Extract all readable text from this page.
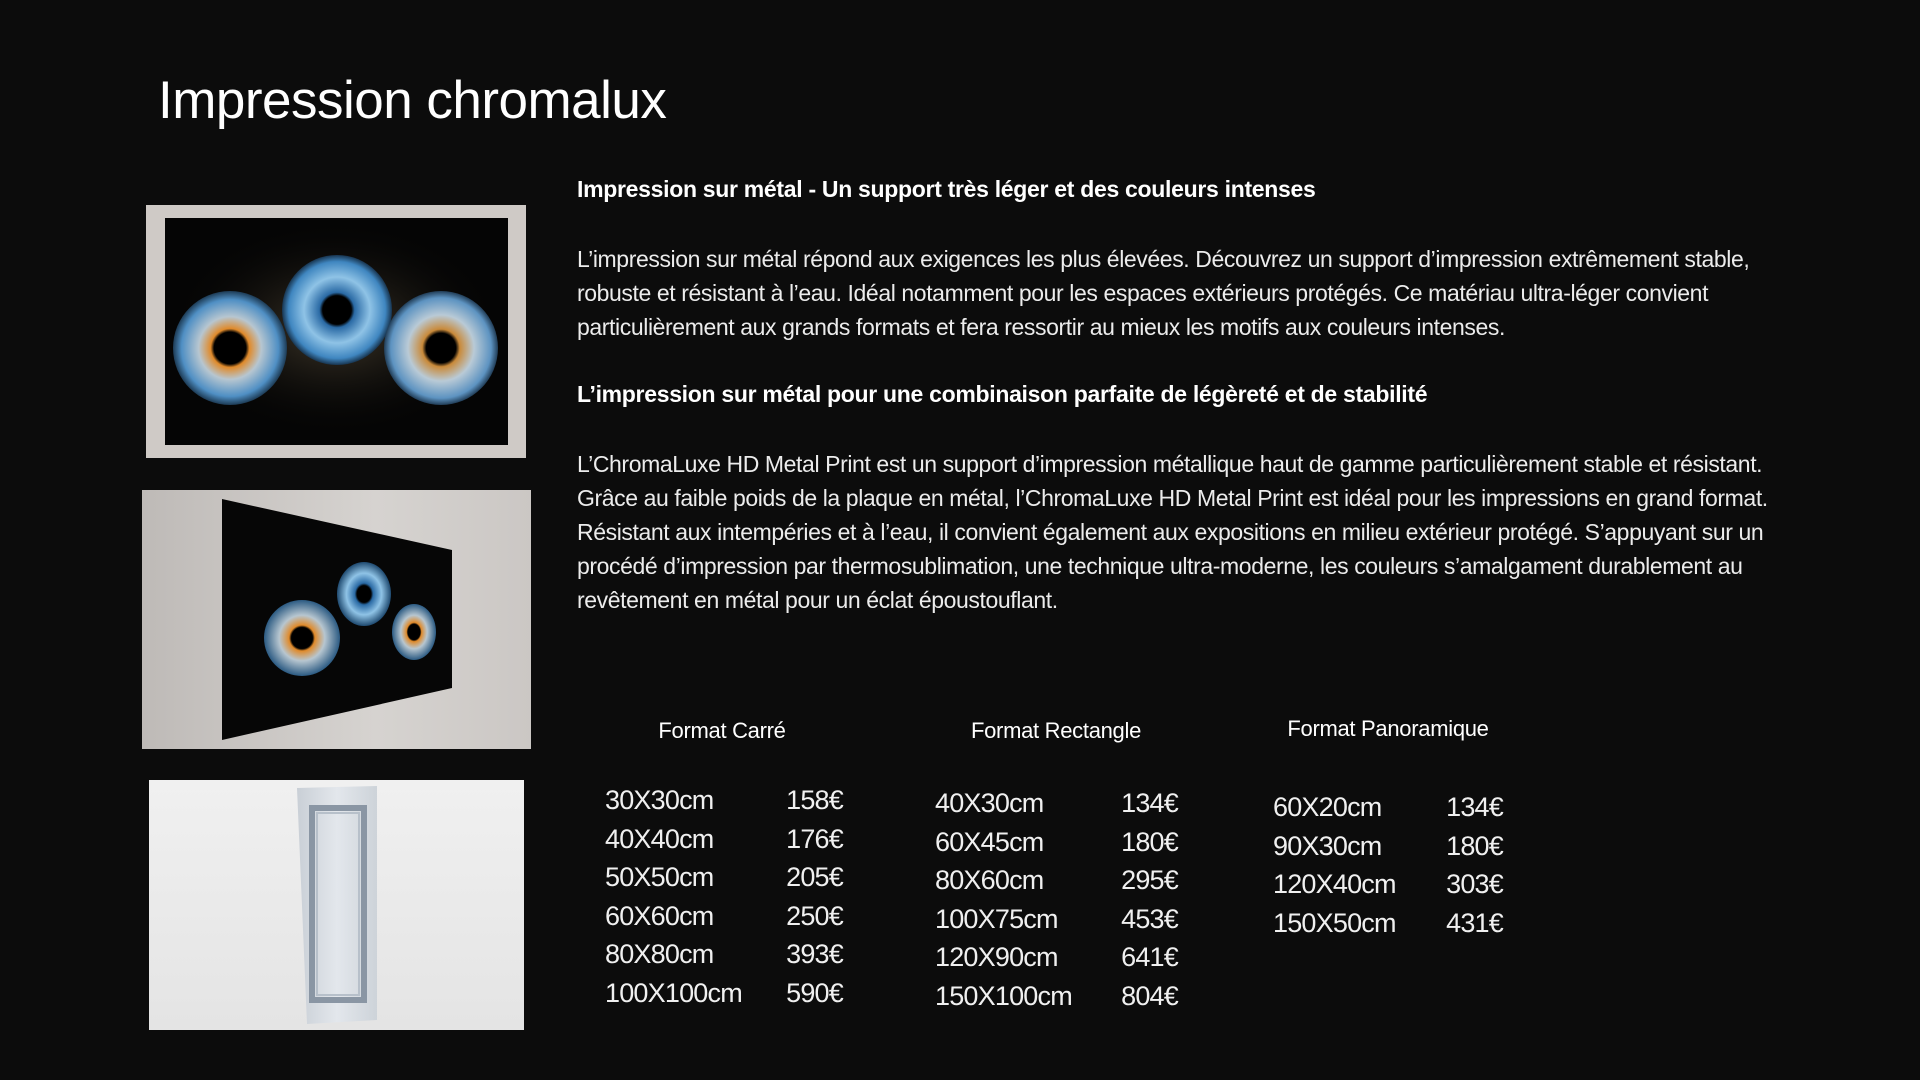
Impression chromalux
Impression sur métal - Un support très léger et des couleurs intenses

L’impression sur métal répond aux exigences les plus élevées. Découvrez un support d’impression extrêmement stable, robuste et résistant à l’eau. Idéal notamment pour les espaces extérieurs protégés. Ce matériau ultra-léger convient particulièrement aux grands formats et fera ressortir au mieux les motifs aux couleurs intenses.

L’impression sur métal pour une combinaison parfaite de légèreté et de stabilité

L’ChromaLuxe HD Metal Print est un support d’impression métallique haut de gamme particulièrement stable et résistant. Grâce au faible poids de la plaque en métal, l’ChromaLuxe HD Metal Print est idéal pour les impressions en grand format. Résistant aux intempéries et à l’eau, il convient également aux expositions en milieu extérieur protégé. S’appuyant sur un procédé d’impression par thermosublimation, une technique ultra-moderne, les couleurs s’amalgament durablement au revêtement en métal pour un éclat époustouflant.

Format Carré
30X30cm	158€
40X40cm	176€
50X50cm	205€
60X60cm	250€
80X80cm	393€
100X100cm 590€
Format Rectangle
40X30cm	134€
60X45cm	180€
80X60cm	295€
100X75cm 453€
120X90cm 641€
150X100cm 804€
Format Panoramique
60X20cm 134€
90X30cm 180€
120X40cm 303€
150X50cm 431€
